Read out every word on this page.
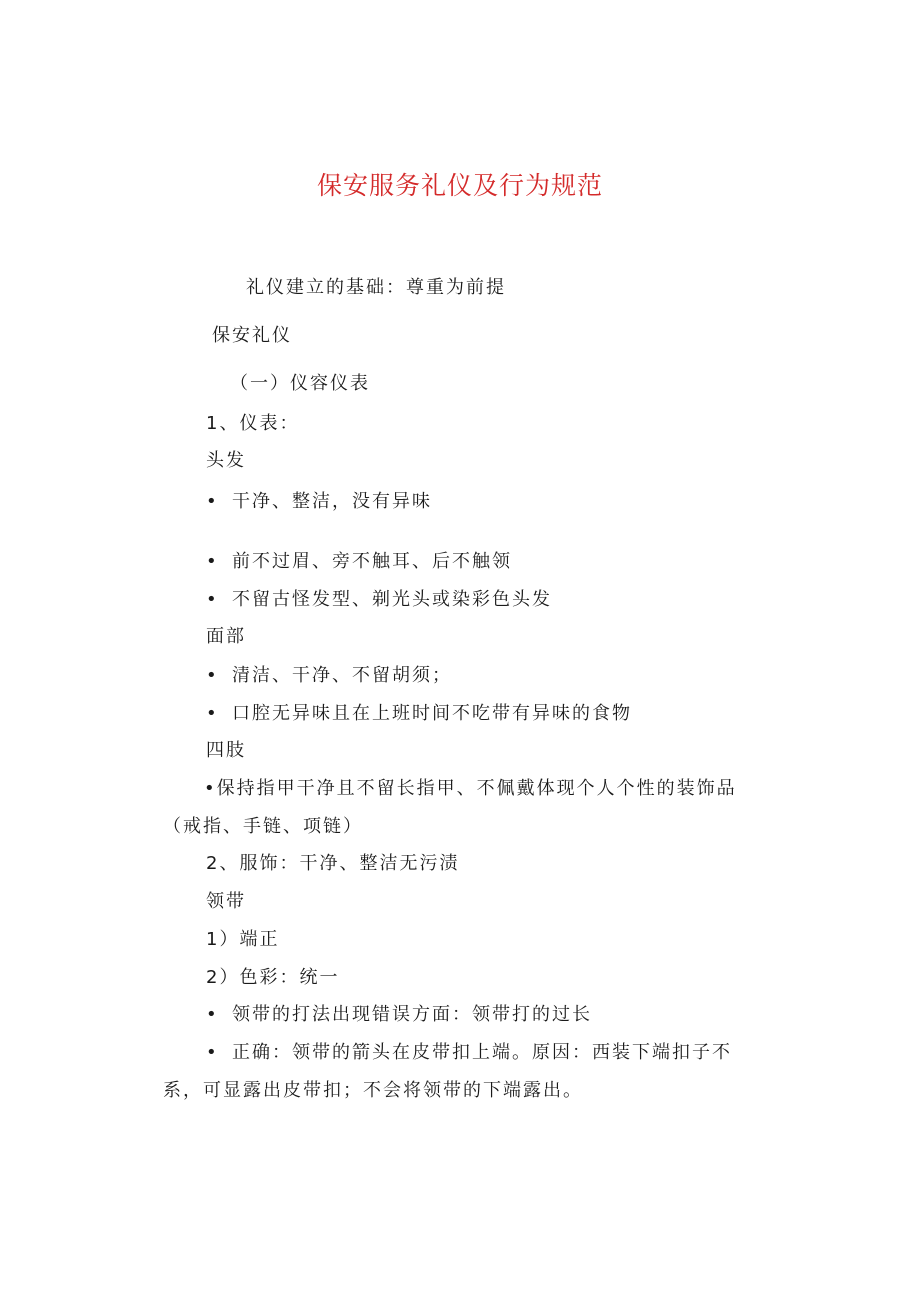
保安服务礼仪及行为规范
礼仪建立的基础：尊重为前提
保安礼仪
（一）仪容仪表
1、仪表：
头发
• 干净、整洁，没有异味
• 前不过眉、旁不触耳、后不触领
• 不留古怪发型、剃光头或染彩色头发
面部
• 清洁、干净、不留胡须；
• 口腔无异味且在上班时间不吃带有异味的食物
四肢
•保持指甲干净且不留长指甲、不佩戴体现个人个性的装饰品
（戒指、手链、项链）
2、服饰：干净、整洁无污渍
领带
1）端正
2）色彩：统一
• 领带的打法出现错误方面：领带打的过长
• 正确：领带的箭头在皮带扣上端。原因：西装下端扣子不
系，可显露出皮带扣；不会将领带的下端露出。
